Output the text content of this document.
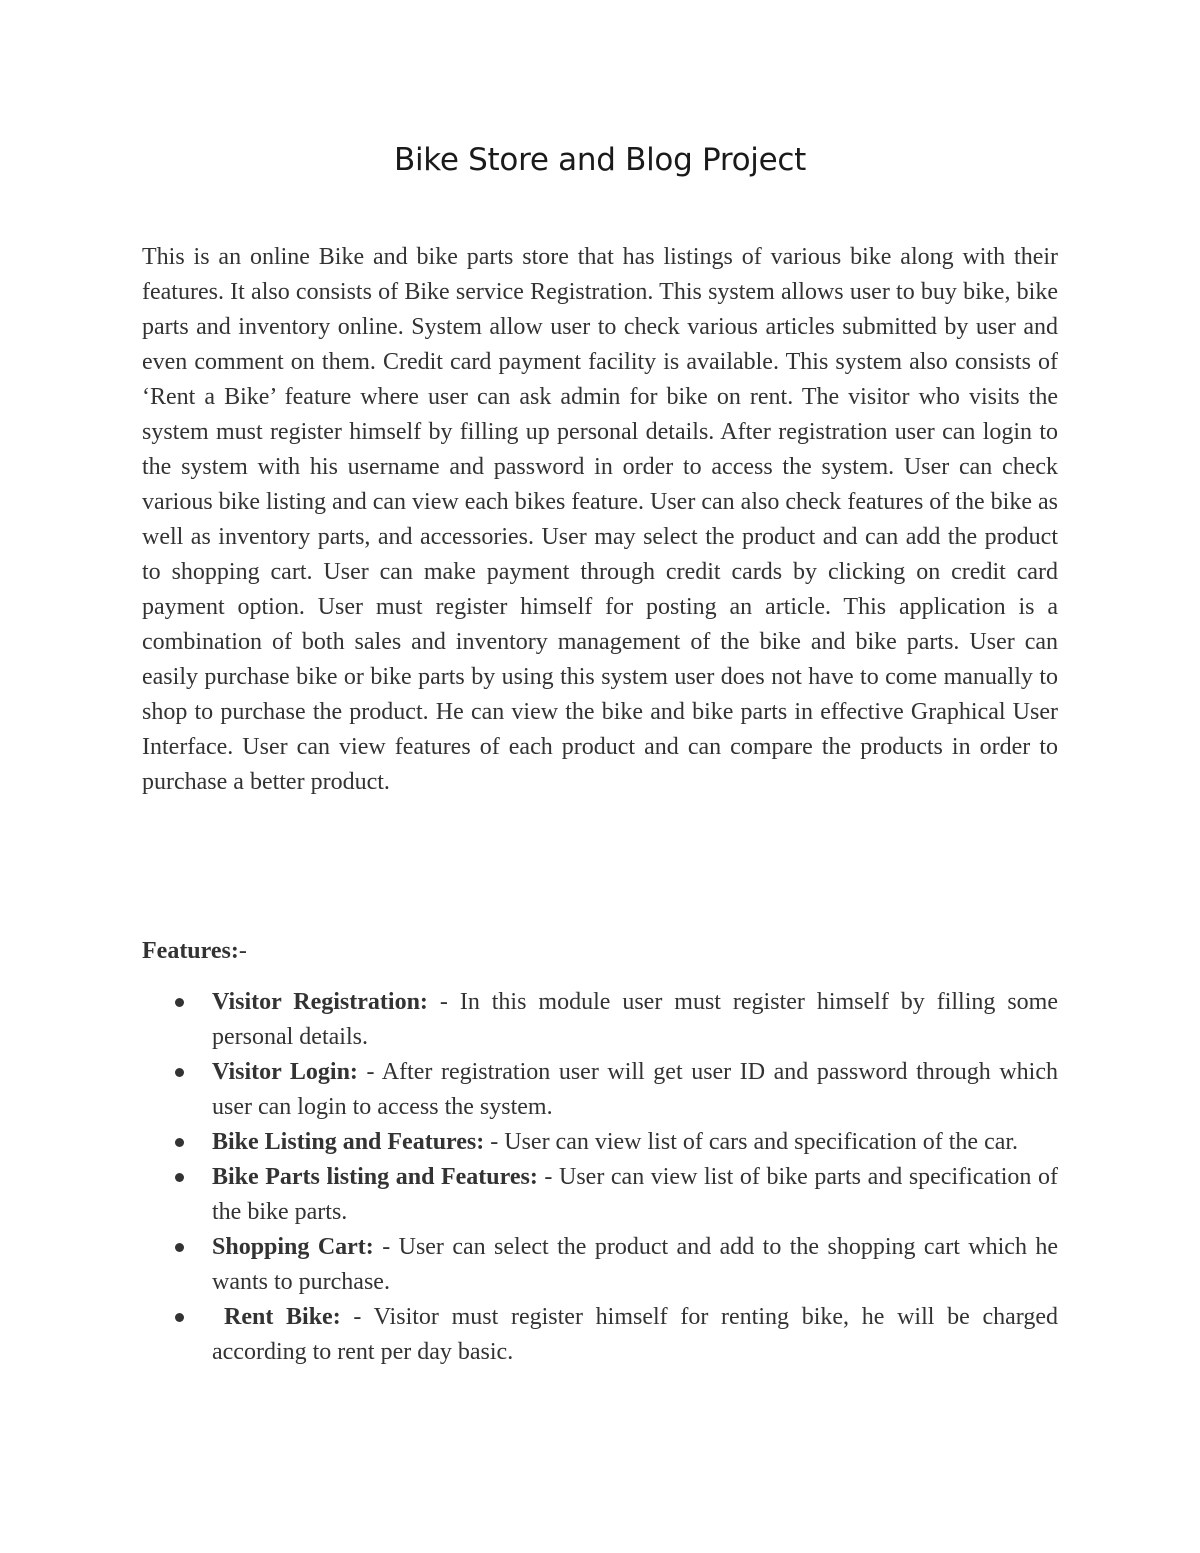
Bike Store and Blog Project

This is an online Bike and bike parts store that has listings of various bike along with their features. It also consists of Bike service Registration. This system allows user to buy bike, bike parts and inventory online. System allow user to check various articles submitted by user and even comment on them. Credit card payment facility is available. This system also consists of ‘Rent a Bike’ feature where user can ask admin for bike on rent. The visitor who visits the system must register himself by filling up personal details. After registration user can login to the system with his username and password in order to access the system. User can check various bike listing and can view each bikes feature. User can also check features of the bike as well as inventory parts, and accessories. User may select the product and can add the product to shopping cart. User can make payment through credit cards by clicking on credit card payment option. User must register himself for posting an article. This application is a combination of both sales and inventory management of the bike and bike parts. User can easily purchase bike or bike parts by using this system user does not have to come manually to shop to purchase the product. He can view the bike and bike parts in effective Graphical User Interface. User can view features of each product and can compare the products in order to purchase a better product.

Features:-

Visitor Registration: - In this module user must register himself by filling some personal details.
Visitor Login: - After registration user will get user ID and password through which user can login to access the system.
Bike Listing and Features: - User can view list of cars and specification of the car.
Bike Parts listing and Features: - User can view list of bike parts and specification of the bike parts.
Shopping Cart: - User can select the product and add to the shopping cart which he wants to purchase.
Rent Bike: - Visitor must register himself for renting bike, he will be charged according to rent per day basic.
